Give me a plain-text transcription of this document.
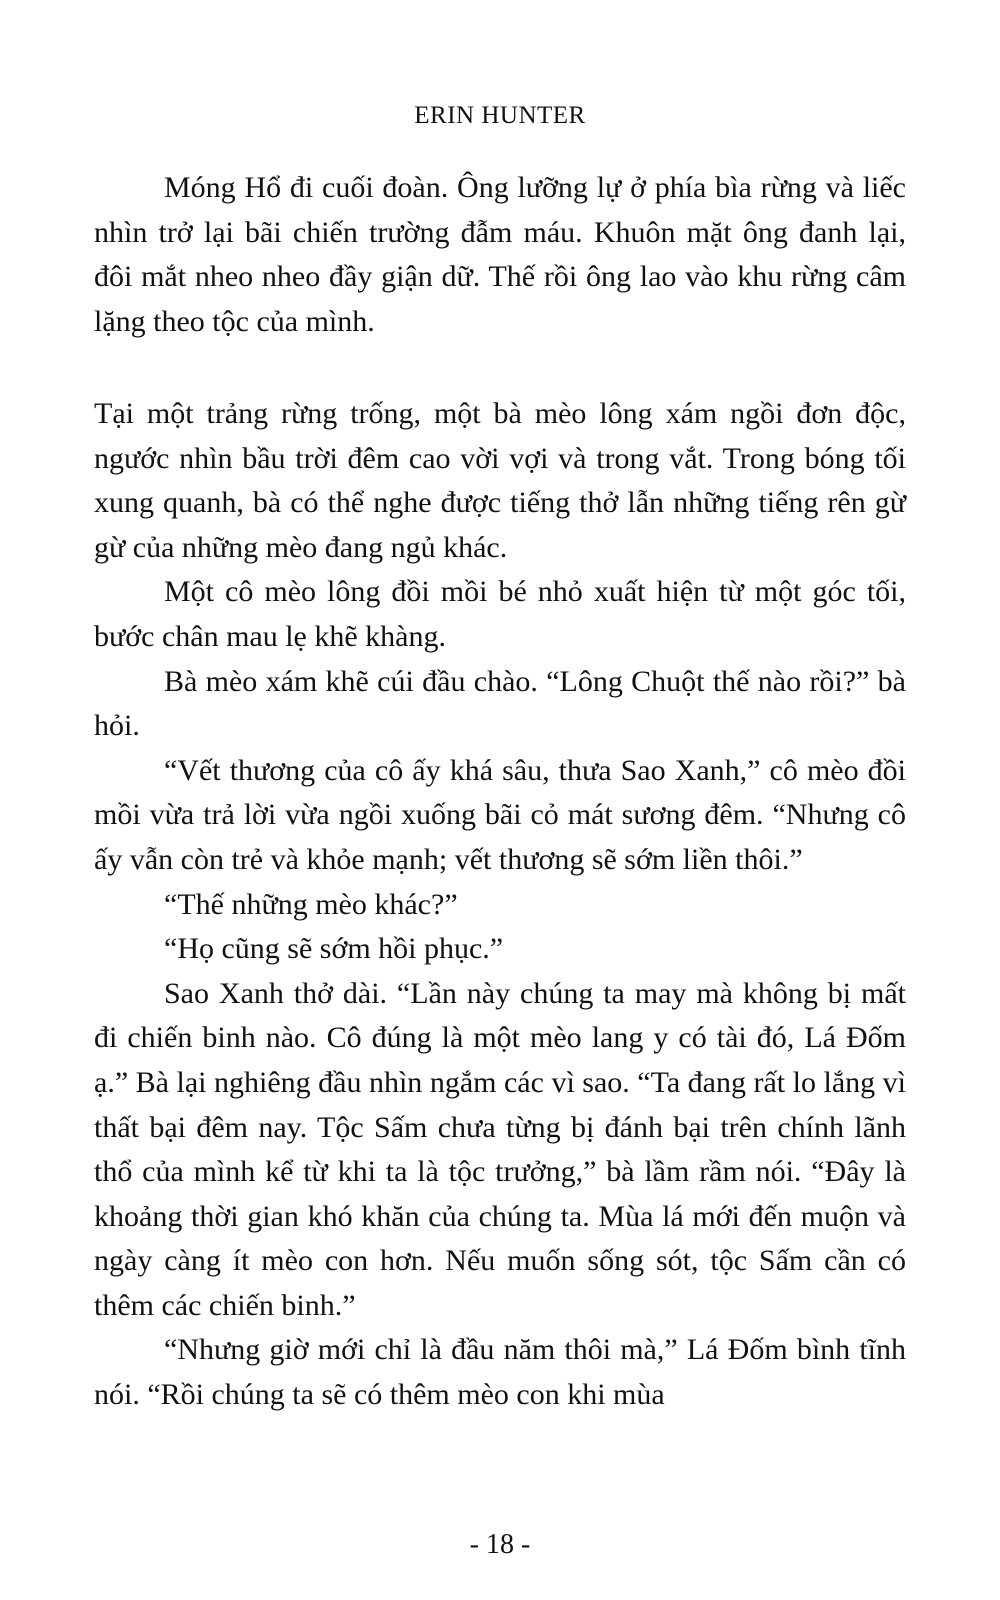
ERIN HUNTER

Móng Hổ đi cuối đoàn. Ông lưỡng lự ở phía bìa rừng và liếc nhìn trở lại bãi chiến trường đẫm máu. Khuôn mặt ông đanh lại, đôi mắt nheo nheo đầy giận dữ. Thế rồi ông lao vào khu rừng câm lặng theo tộc của mình.

Tại một trảng rừng trống, một bà mèo lông xám ngồi đơn độc, ngước nhìn bầu trời đêm cao vời vợi và trong vắt. Trong bóng tối xung quanh, bà có thể nghe được tiếng thở lẫn những tiếng rên gừ gừ của những mèo đang ngủ khác.

Một cô mèo lông đồi mồi bé nhỏ xuất hiện từ một góc tối, bước chân mau lẹ khẽ khàng.

Bà mèo xám khẽ cúi đầu chào. “Lông Chuột thế nào rồi?” bà hỏi.

“Vết thương của cô ấy khá sâu, thưa Sao Xanh,” cô mèo đồi mồi vừa trả lời vừa ngồi xuống bãi cỏ mát sương đêm. “Nhưng cô ấy vẫn còn trẻ và khỏe mạnh; vết thương sẽ sớm liền thôi.”

“Thế những mèo khác?”

“Họ cũng sẽ sớm hồi phục.”

Sao Xanh thở dài. “Lần này chúng ta may mà không bị mất đi chiến binh nào. Cô đúng là một mèo lang y có tài đó, Lá Đốm ạ.” Bà lại nghiêng đầu nhìn ngắm các vì sao. “Ta đang rất lo lắng vì thất bại đêm nay. Tộc Sấm chưa từng bị đánh bại trên chính lãnh thổ của mình kể từ khi ta là tộc trưởng,” bà lầm rầm nói. “Đây là khoảng thời gian khó khăn của chúng ta. Mùa lá mới đến muộn và ngày càng ít mèo con hơn. Nếu muốn sống sót, tộc Sấm cần có thêm các chiến binh.”

“Nhưng giờ mới chỉ là đầu năm thôi mà,” Lá Đốm bình tĩnh nói. “Rồi chúng ta sẽ có thêm mèo con khi mùa

- 18 -
